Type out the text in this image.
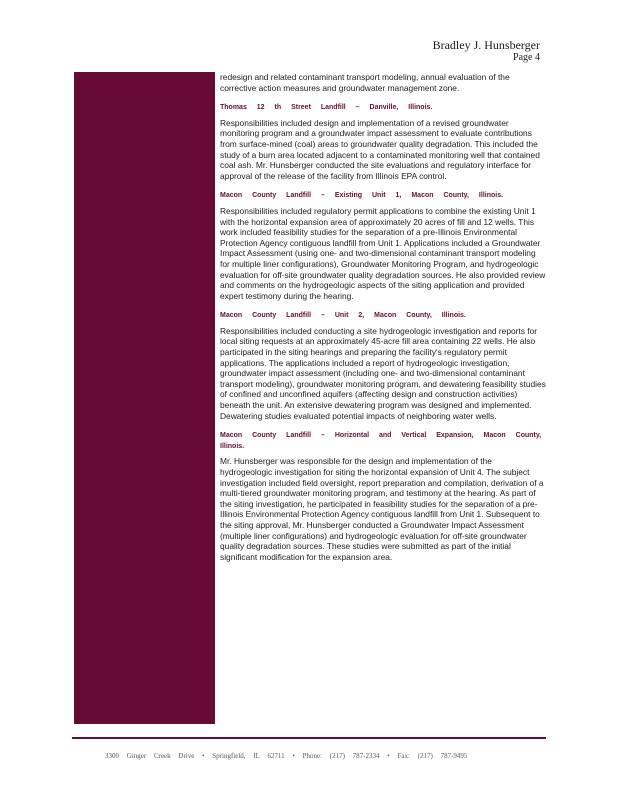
Bradley J. Hunsberger
Page 4

redesign and related contaminant transport modeling, annual evaluation of the corrective action measures and groundwater management zone.

Thomas 12 th Street Landfill – Danville, Illinois.
Responsibilities included design and implementation of a revised groundwater monitoring program and a groundwater impact assessment to evaluate contributions from surface-mined (coal) areas to groundwater quality degradation. This included the study of a burn area located adjacent to a contaminated monitoring well that contained coal ash. Mr. Hunsberger conducted the site evaluations and regulatory interface for approval of the release of the facility from Illinois EPA control.

Macon County Landfill – Existing Unit 1, Macon County, Illinois.
Responsibilities included regulatory permit applications to combine the existing Unit 1 with the horizontal expansion area of approximately 20 acres of fill and 12 wells. This work included feasibility studies for the separation of a pre-Illinois Environmental Protection Agency contiguous landfill from Unit 1. Applications included a Groundwater Impact Assessment (using one- and two-dimensional contaminant transport modeling for multiple liner configurations), Groundwater Monitoring Program, and hydrogeologic evaluation for off-site groundwater quality degradation sources. He also provided review and comments on the hydrogeologic aspects of the siting application and provided expert testimony during the hearing.

Macon County Landfill – Unit 2, Macon County, Illinois.
Responsibilities included conducting a site hydrogeologic investigation and reports for local siting requests at an approximately 45-acre fill area containing 22 wells. He also participated in the siting hearings and preparing the facility's regulatory permit applications. The applications included a report of hydrogeologic investigation, groundwater impact assessment (including one- and two-dimensional contaminant transport modeling), groundwater monitoring program, and dewatering feasibility studies of confined and unconfined aquifers (affecting design and construction activities) beneath the unit. An extensive dewatering program was designed and implemented. Dewatering studies evaluated potential impacts of neighboring water wells.

Macon County Landfill – Horizontal and Vertical Expansion, Macon County, Illinois.
Mr. Hunsberger was responsible for the design and implementation of the hydrogeologic investigation for siting the horizontal expansion of Unit 4. The subject investigation included field oversight, report preparation and compilation, derivation of a multi-tiered groundwater monitoring program, and testimony at the hearing. As part of the siting investigation, he participated in feasibility studies for the separation of a pre-Illinois Environmental Protection Agency contiguous landfill from Unit 1. Subsequent to the siting approval, Mr. Hunsberger conducted a Groundwater Impact Assessment (multiple liner configurations) and hydrogeologic evaluation for off-site groundwater quality degradation sources. These studies were submitted as part of the initial significant modification for the expansion area.

3300 Ginger Creek Drive • Springfield, IL 62711 • Phone: (217) 787-2334 • Fax: (217) 787-9495
